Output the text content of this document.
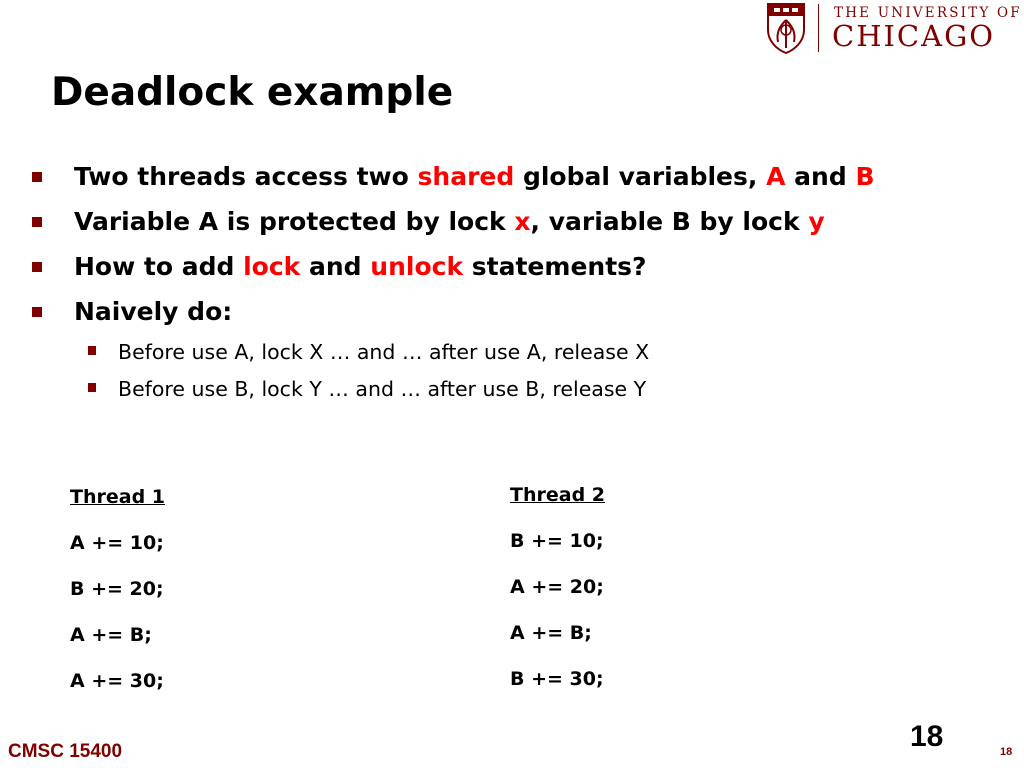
THE UNIVERSITY OF
CHICAGO
Deadlock example
Two threads access two shared global variables, A and B
Variable A is protected by lock x, variable B by lock y
How to add lock and unlock statements?
Naively do:
Before use A, lock X … and … after use A, release X
Before use B, lock Y … and … after use B, release Y
Thread 1
A += 10;
B += 20;
A += B;
A += 30;
Thread 2
B += 10;
A += 20;
A += B;
B += 30;
CMSC 15400	18	18
